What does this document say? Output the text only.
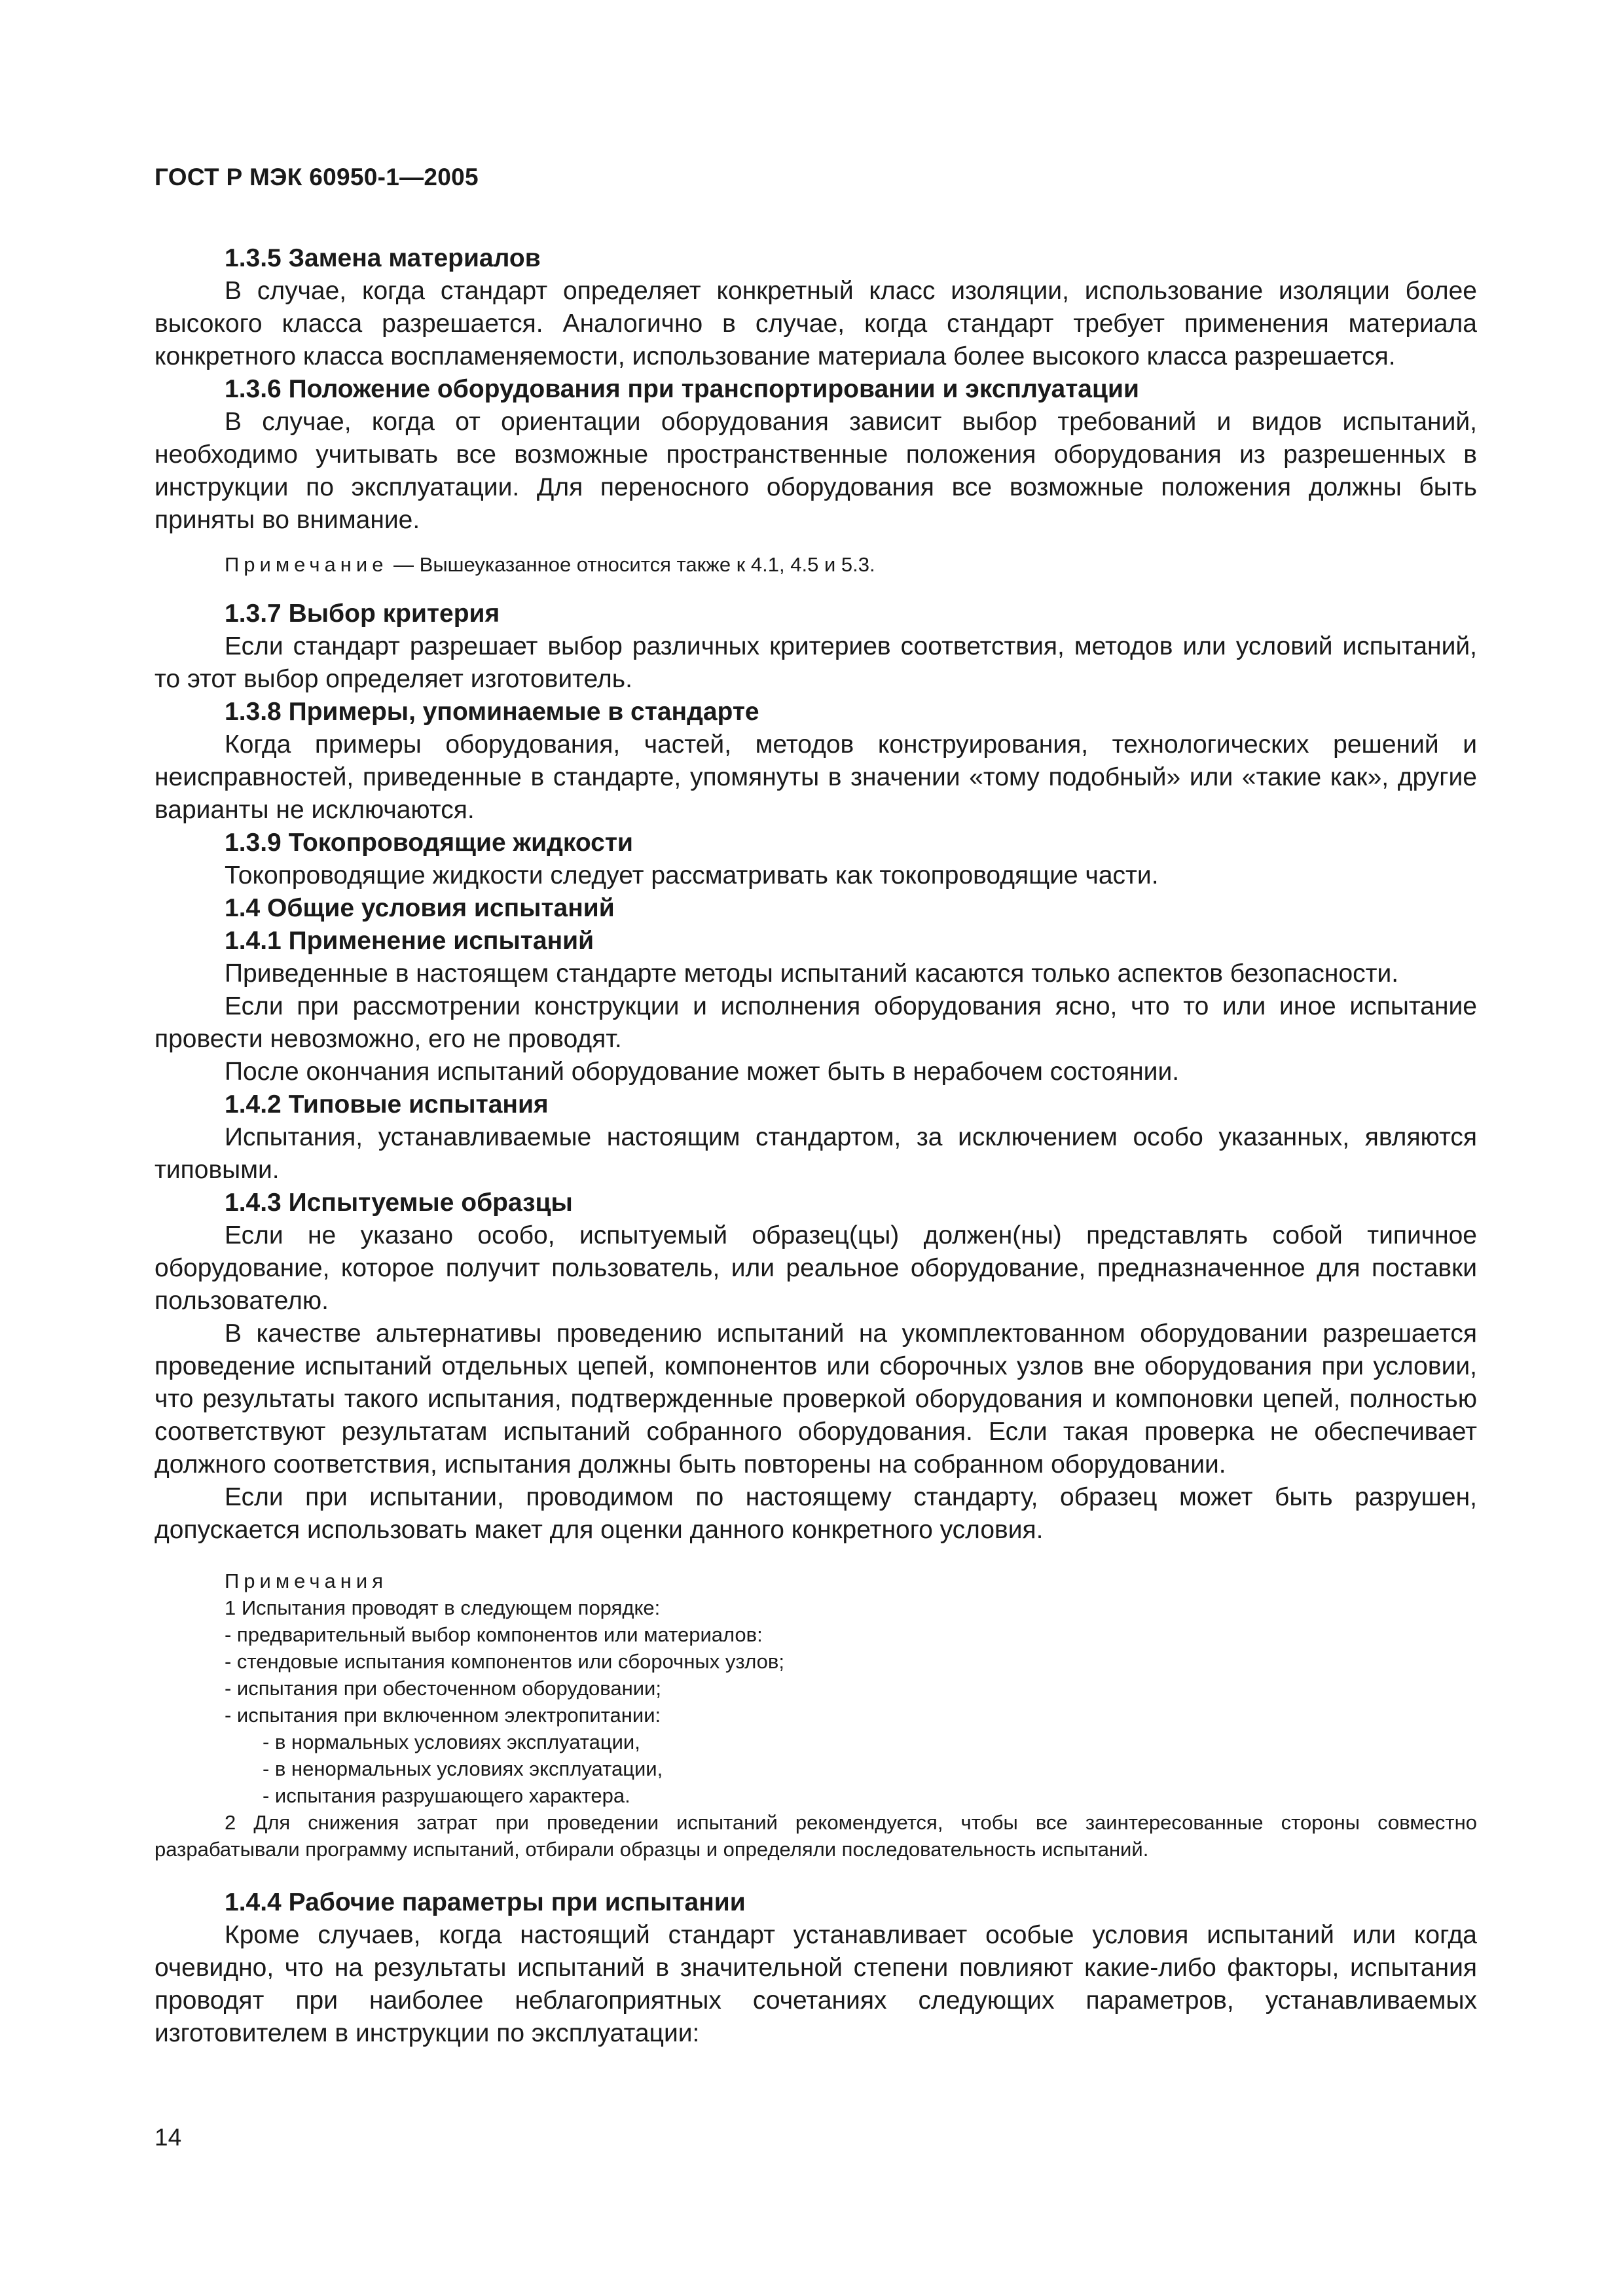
ГОСТ Р МЭК 60950-1—2005

1.3.5 Замена материалов

В случае, когда стандарт определяет конкретный класс изоляции, использование изоляции более высокого класса разрешается. Аналогично в случае, когда стандарт требует применения материала конкретного класса воспламеняемости, использование материала более высокого класса разрешается.

1.3.6 Положение оборудования при транспортировании и эксплуатации

В случае, когда от ориентации оборудования зависит выбор требований и видов испытаний, необходимо учитывать все возможные пространственные положения оборудования из разрешенных в инструкции по эксплуатации. Для переносного оборудования все возможные положения должны быть приняты во внимание.

Примечание — Вышеуказанное относится также к 4.1, 4.5 и 5.3.

1.3.7 Выбор критерия

Если стандарт разрешает выбор различных критериев соответствия, методов или условий испытаний, то этот выбор определяет изготовитель.

1.3.8 Примеры, упоминаемые в стандарте

Когда примеры оборудования, частей, методов конструирования, технологических решений и неисправностей, приведенные в стандарте, упомянуты в значении «тому подобный» или «такие как», другие варианты не исключаются.

1.3.9 Токопроводящие жидкости

Токопроводящие жидкости следует рассматривать как токопроводящие части.

1.4 Общие условия испытаний

1.4.1 Применение испытаний

Приведенные в настоящем стандарте методы испытаний касаются только аспектов безопасности.

Если при рассмотрении конструкции и исполнения оборудования ясно, что то или иное испытание провести невозможно, его не проводят.

После окончания испытаний оборудование может быть в нерабочем состоянии.

1.4.2 Типовые испытания

Испытания, устанавливаемые настоящим стандартом, за исключением особо указанных, являются типовыми.

1.4.3 Испытуемые образцы

Если не указано особо, испытуемый образец(цы) должен(ны) представлять собой типичное оборудование, которое получит пользователь, или реальное оборудование, предназначенное для поставки пользователю.

В качестве альтернативы проведению испытаний на укомплектованном оборудовании разрешается проведение испытаний отдельных цепей, компонентов или сборочных узлов вне оборудования при условии, что результаты такого испытания, подтвержденные проверкой оборудования и компоновки цепей, полностью соответствуют результатам испытаний собранного оборудования. Если такая проверка не обеспечивает должного соответствия, испытания должны быть повторены на собранном оборудовании.

Если при испытании, проводимом по настоящему стандарту, образец может быть разрушен, допускается использовать макет для оценки данного конкретного условия.

Примечания

1 Испытания проводят в следующем порядке:

- предварительный выбор компонентов или материалов:

- стендовые испытания компонентов или сборочных узлов;

- испытания при обесточенном оборудовании;

- испытания при включенном электропитании:

- в нормальных условиях эксплуатации,

- в ненормальных условиях эксплуатации,

- испытания разрушающего характера.

2 Для снижения затрат при проведении испытаний рекомендуется, чтобы все заинтересованные стороны совместно разрабатывали программу испытаний, отбирали образцы и определяли последовательность испытаний.

1.4.4 Рабочие параметры при испытании

Кроме случаев, когда настоящий стандарт устанавливает особые условия испытаний или когда очевидно, что на результаты испытаний в значительной степени повлияют какие-либо факторы, испытания проводят при наиболее неблагоприятных сочетаниях следующих параметров, устанавливаемых изготовителем в инструкции по эксплуатации:

14
